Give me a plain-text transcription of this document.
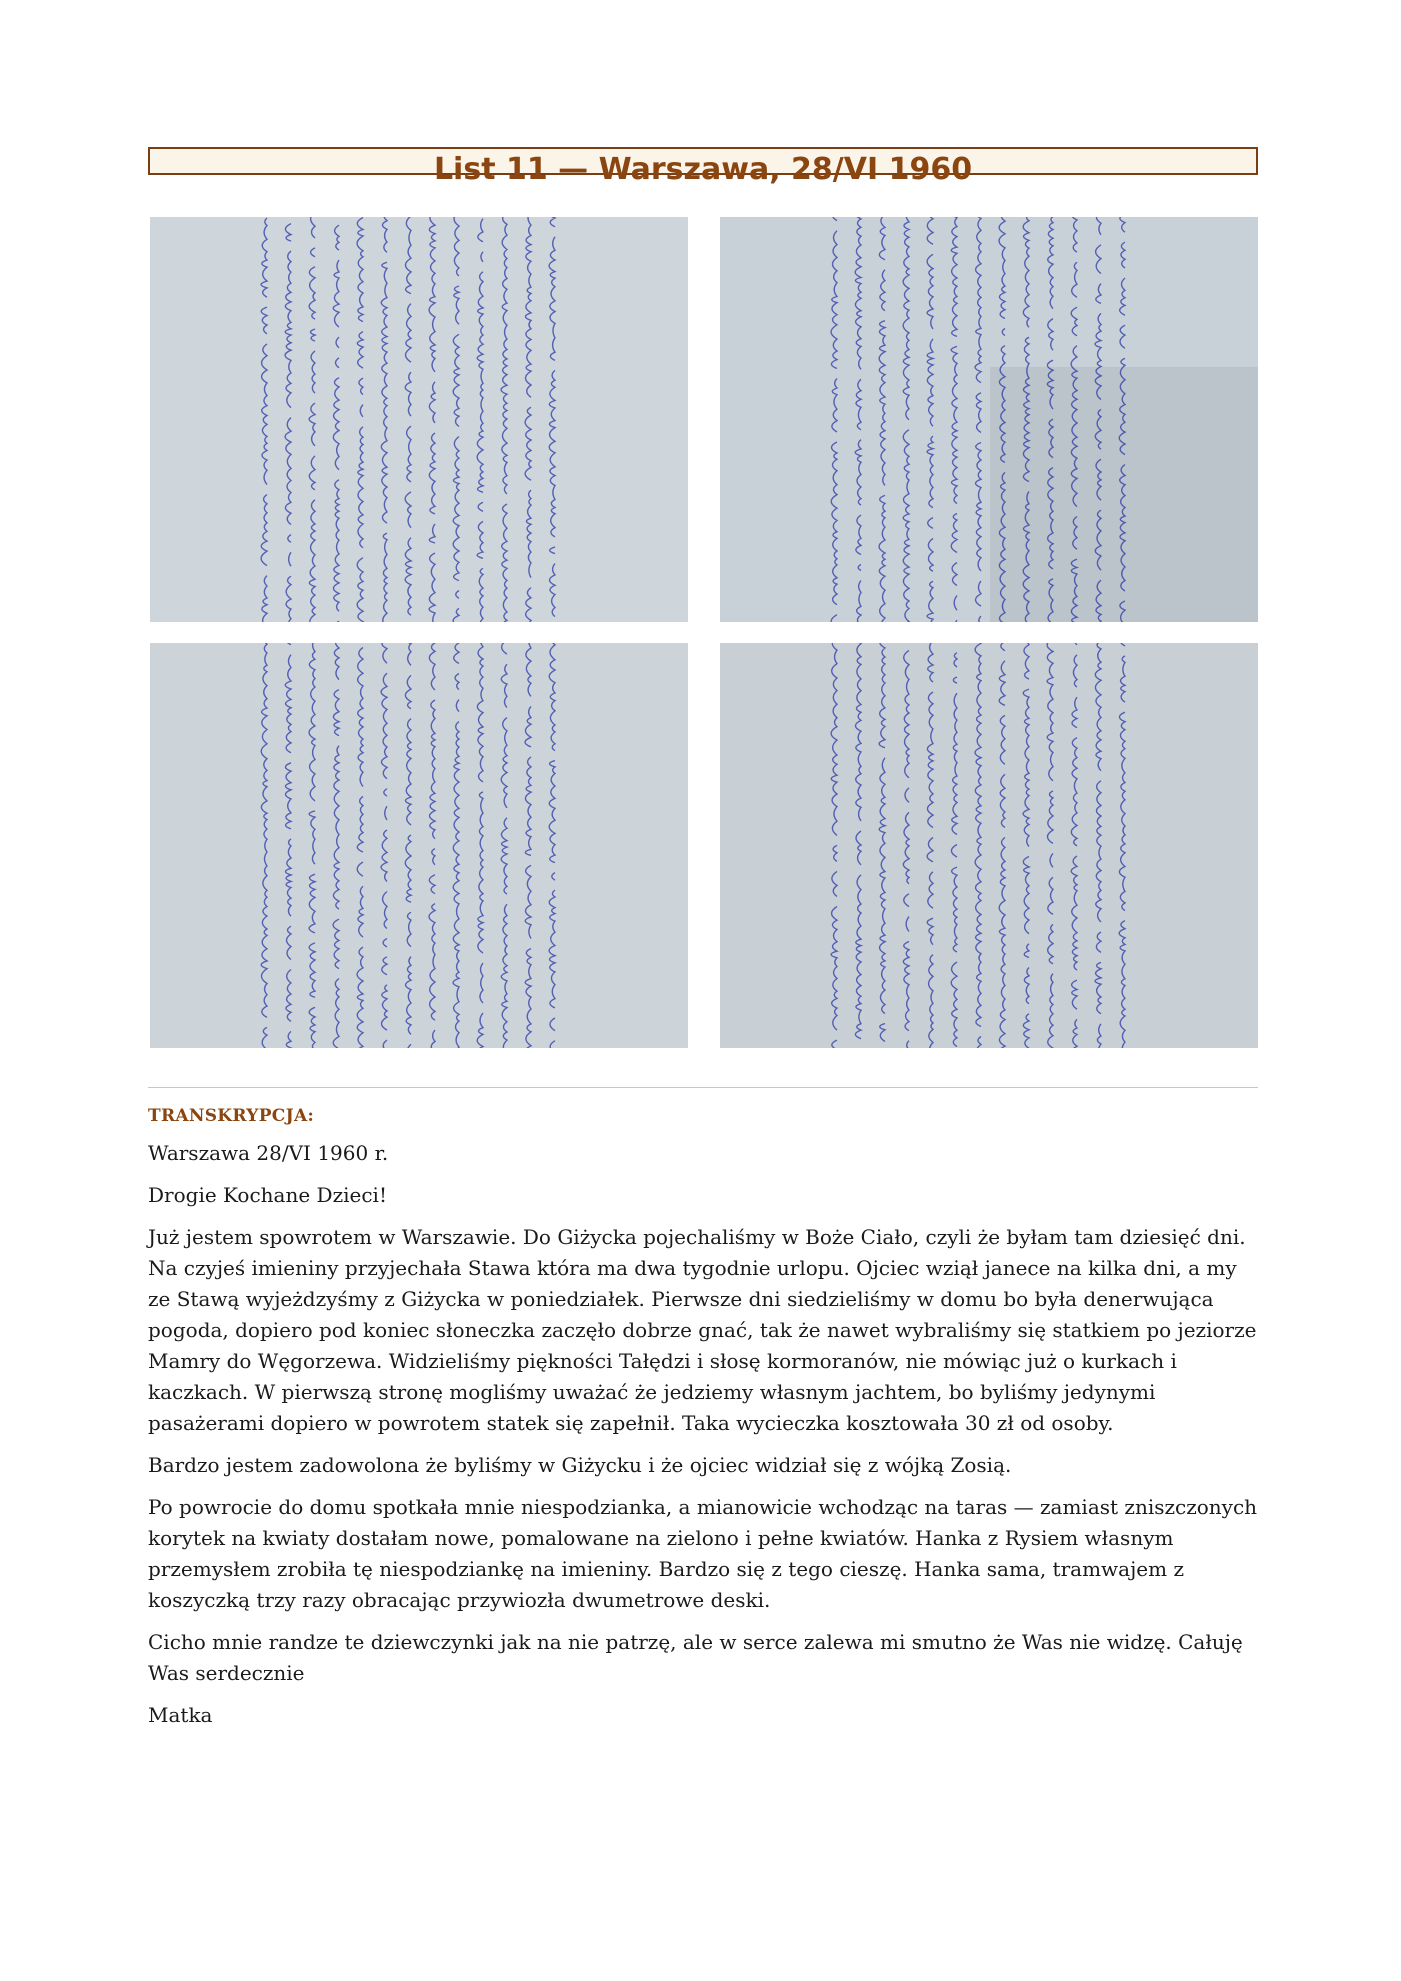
List 11 — Warszawa, 28/VI 1960
TRANSKRYPCJA:

Warszawa 28/VI 1960 r.

Drogie Kochane Dzieci!

Już jestem spowrotem w Warszawie. Do Giżycka pojechaliśmy w Boże Ciało, czyli że byłam tam dziesięć dni. Na czyjeś imieniny przyjechała Stawa która ma dwa tygodnie urlopu. Ojciec wziął janece na kilka dni, a my ze Stawą wyjeżdzyśmy z Giżycka w poniedziałek. Pierwsze dni siedzieliśmy w domu bo była denerwująca pogoda, dopiero pod koniec słoneczka zaczęło dobrze gnać, tak że nawet wybraliśmy się statkiem po jeziorze Mamry do Węgorzewa. Widzieliśmy piękności Tałędzi i słosę kormoranów, nie mówiąc już o kurkach i kaczkach. W pierwszą stronę mogliśmy uważać że jedziemy własnym jachtem, bo byliśmy jedynymi pasażerami dopiero w powrotem statek się zapełnił. Taka wycieczka kosztowała 30 zł od osoby.

Bardzo jestem zadowolona że byliśmy w Giżycku i że ojciec widział się z wójką Zosią.

Po powrocie do domu spotkała mnie niespodzianka, a mianowicie wchodząc na taras — zamiast zniszczonych korytek na kwiaty dostałam nowe, pomalowane na zielono i pełne kwiatów. Hanka z Rysiem własnym przemysłem zrobiła tę niespodziankę na imieniny. Bardzo się z tego cieszę. Hanka sama, tramwajem z koszyczką trzy razy obracając przywiozła dwumetrowe deski.

Cicho mnie randze te dziewczynki jak na nie patrzę, ale w serce zalewa mi smutno że Was nie widzę. Całuję Was serdecznie

Matka
